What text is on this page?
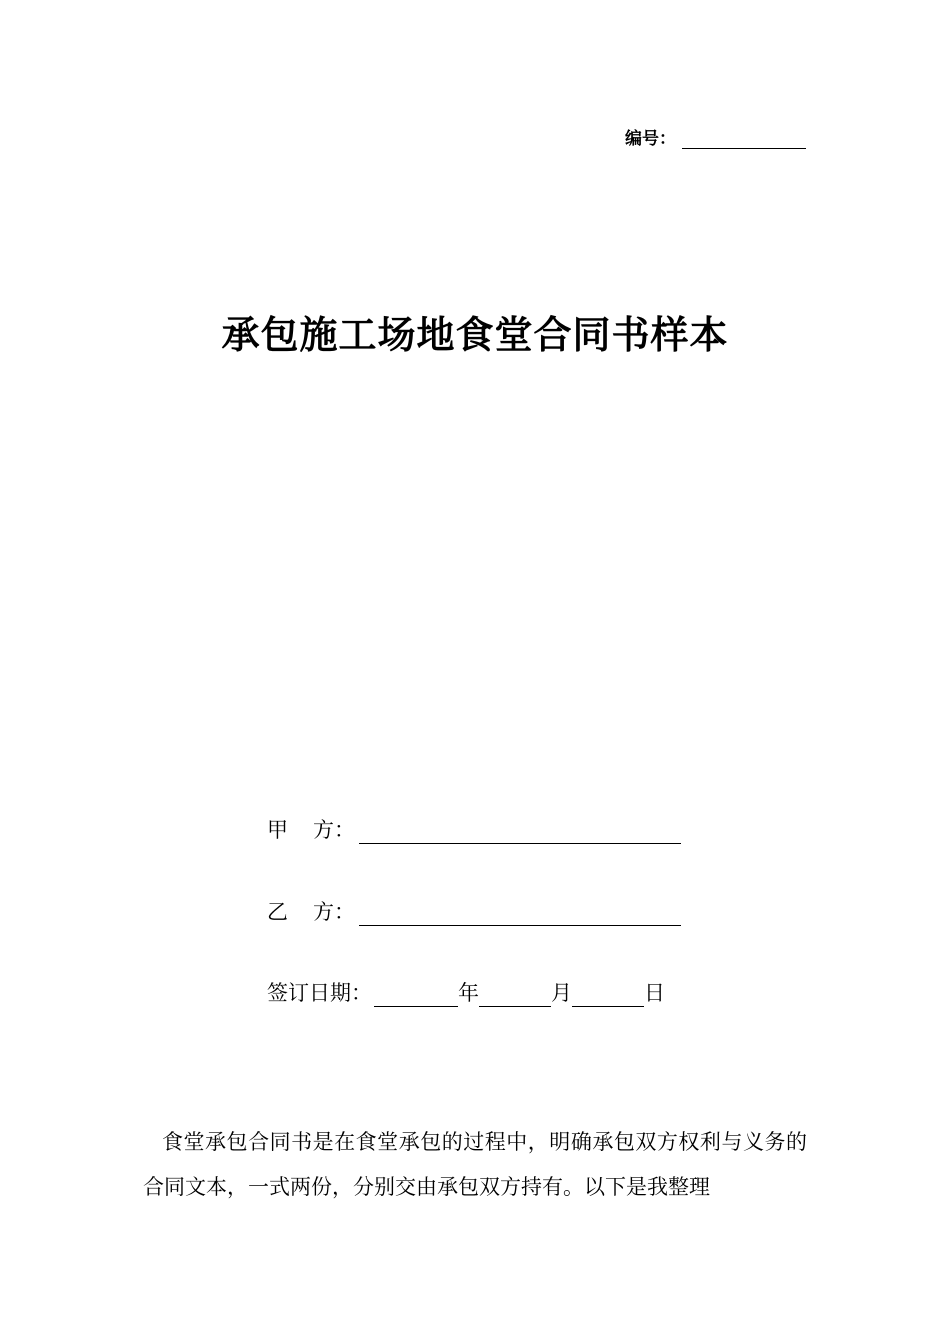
编号：
承包施工场地食堂合同书样本
甲 方：
乙 方：
签订日期：	年	月	日

食堂承包合同书是在食堂承包的过程中，明确承包双方权利与义务的合同文本，一式两份，分别交由承包双方持有。以下是我整理
